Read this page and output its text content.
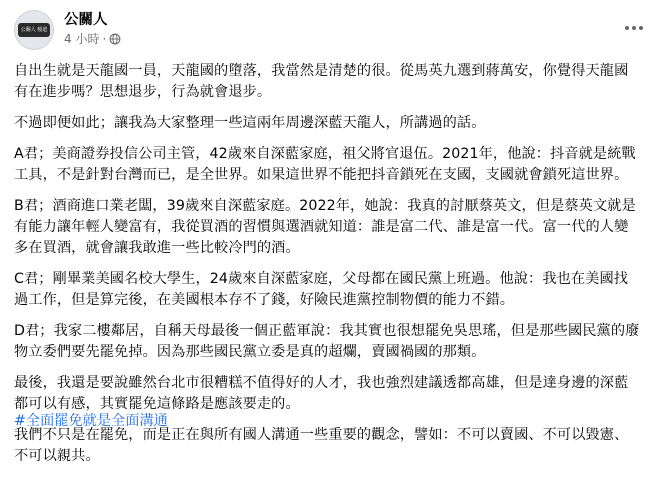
公關人 頻道
公關人
4 小時 ·

自出生就是天龍國一員，天龍國的墮落，我當然是清楚的很。從馬英九選到蔣萬安，你覺得天龍國有在進步嗎？思想退步，行為就會退步。

不過即便如此；讓我為大家整理一些這兩年周邊深藍天龍人，所講過的話。

A君；美商證券投信公司主管，42歲來自深藍家庭，祖父將官退伍。2021年，他說：抖音就是統戰工具，不是針對台灣而已，是全世界。如果這世界不能把抖音鎖死在支國，支國就會鎖死這世界。

B君；酒商進口業老闆，39歲來自深藍家庭。2022年，她說：我真的討厭蔡英文，但是蔡英文就是有能力讓年輕人變富有，我從買酒的習慣與選酒就知道：誰是富二代、誰是富一代。富一代的人變多在買酒，就會讓我敢進一些比較冷門的酒。

C君；剛畢業美國名校大學生，24歲來自深藍家庭，父母都在國民黨上班過。他說：我也在美國找過工作，但是算完後，在美國根本存不了錢，好險民進黨控制物價的能力不錯。

D君；我家二樓鄰居，自稱天母最後一個正藍軍說：我其實也很想罷免吳思瑤，但是那些國民黨的廢物立委們要先罷免掉。因為那些國民黨立委是真的超爛，賣國禍國的那類。

最後，我還是要說雖然台北市很糟糕不值得好的人才，我也強烈建議透都高雄，但是達身邊的深藍都可以有感，其實罷免這條路是應該要走的。

我們不只是在罷免，而是正在與所有國人溝通一些重要的觀念，譬如：不可以賣國、不可以毀憲、不可以親共。

#全面罷免就是全面溝通
